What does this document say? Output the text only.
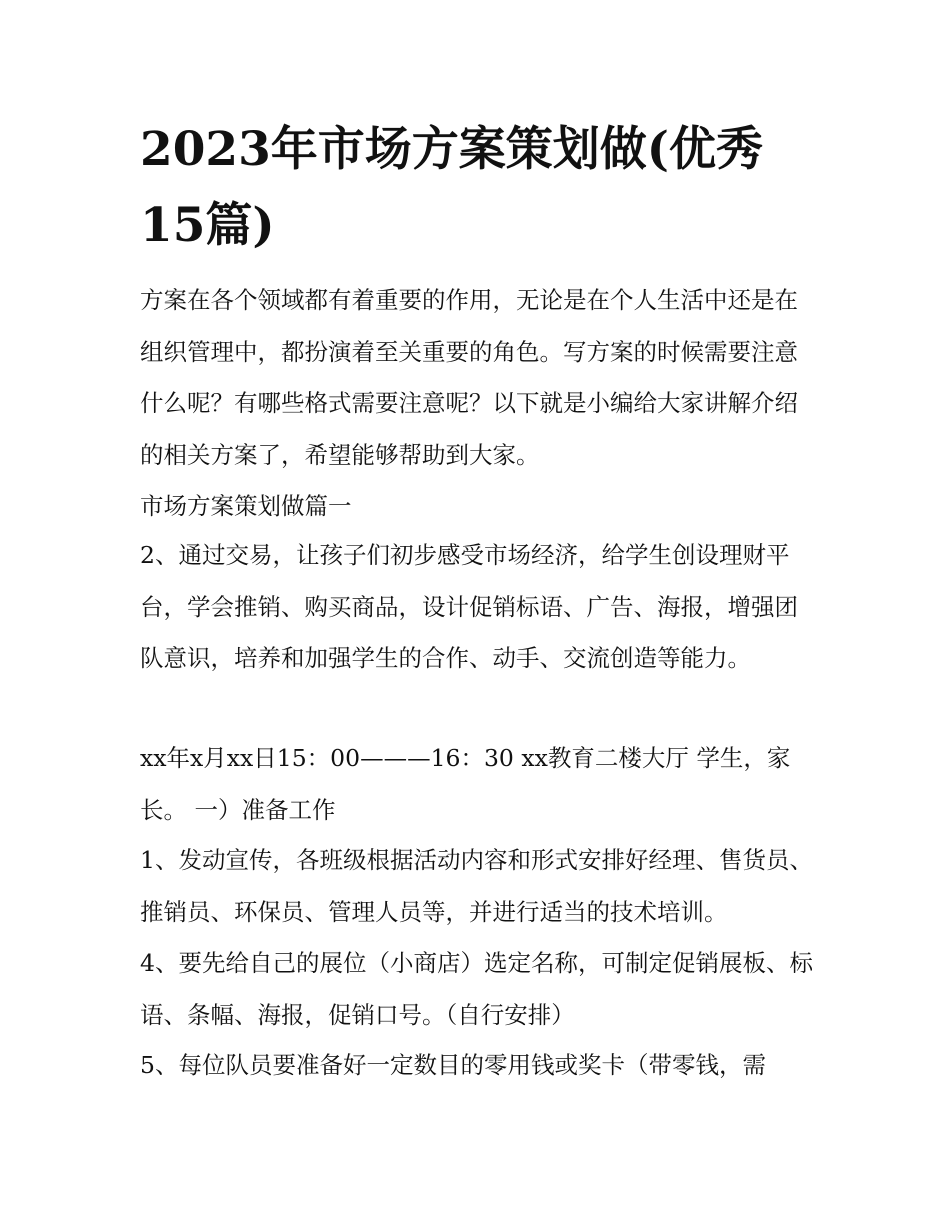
2023年市场方案策划做(优秀15篇)

方案在各个领域都有着重要的作用，无论是在个人生活中还是在组织管理中，都扮演着至关重要的角色。写方案的时候需要注意什么呢？有哪些格式需要注意呢？以下就是小编给大家讲解介绍的相关方案了，希望能够帮助到大家。

市场方案策划做篇一

2、通过交易，让孩子们初步感受市场经济，给学生创设理财平台，学会推销、购买商品，设计促销标语、广告、海报，增强团队意识，培养和加强学生的合作、动手、交流创造等能力。

xx年x月xx日15：00———16：30 xx教育二楼大厅 学生，家长。 一）准备工作

1、发动宣传，各班级根据活动内容和形式安排好经理、售货员、推销员、环保员、管理人员等，并进行适当的技术培训。

4、要先给自己的展位（小商店）选定名称，可制定促销展板、标语、条幅、海报，促销口号。（自行安排）

5、每位队员要准备好一定数目的零用钱或奖卡（带零钱，需
